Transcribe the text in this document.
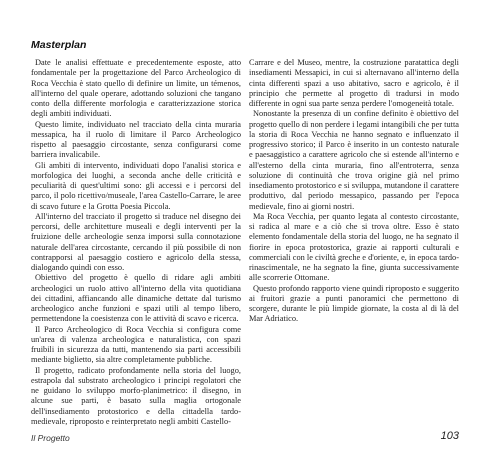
Masterplan

Date le analisi effettuate e precedentemente esposte, atto fondamentale per la progettazione del Parco Archeologico di Roca Vecchia è stato quello di definire un limite, un témenos, all'interno del quale operare, adottando soluzioni che tangano conto della differente morfologia e caratterizzazione storica degli ambiti individuati.

Questo limite, individuato nel tracciato della cinta muraria messapica, ha il ruolo di limitare il Parco Archeologico rispetto al paesaggio circostante, senza configurarsi come barriera invalicabile.

Gli ambiti di intervento, individuati dopo l'analisi storica e morfologica dei luoghi, a seconda anche delle criticità e peculiarità di quest'ultimi sono: gli accessi e i percorsi del parco, il polo ricettivo/museale, l'area Castello-Carrare, le aree di scavo future e la Grotta Poesia Piccola.

All'interno del tracciato il progetto si traduce nel disegno dei percorsi, delle architetture museali e degli interventi per la fruizione delle archeologie senza imporsi sulla connotazione naturale dell'area circostante, cercando il più possibile di non contrapporsi al paesaggio costiero e agricolo della stessa, dialogando quindi con esso.

Obiettivo del progetto è quello di ridare agli ambiti archeologici un ruolo attivo all'interno della vita quotidiana dei cittadini, affiancando alle dinamiche dettate dal turismo archeologico anche funzioni e spazi utili al tempo libero, permettendone la coesistenza con le attività di scavo e ricerca.

Il Parco Archeologico di Roca Vecchia si configura come un'area di valenza archeologica e naturalistica, con spazi fruibili in sicurezza da tutti, mantenendo sia parti accessibili mediante biglietto, sia altre completamente pubbliche.

Il progetto, radicato profondamente nella storia del luogo, estrapola dal substrato archeologico i principi regolatori che ne guidano lo sviluppo morfo-planimetrico: il disegno, in alcune sue parti, è basato sulla maglia ortogonale dell'insediamento protostorico e della cittadella tardo-medievale, riproposto e reinterpretato negli ambiti Castello-

Carrare e del Museo, mentre, la costruzione paratattica degli insediamenti Messapici, in cui si alternavano all'interno della cinta differenti spazi a uso abitativo, sacro e agricolo, è il principio che permette al progetto di tradursi in modo differente in ogni sua parte senza perdere l'omogeneità totale.

Nonostante la presenza di un confine definito è obiettivo del progetto quello di non perdere i legami intangibili che per tutta la storia di Roca Vecchia ne hanno segnato e influenzato il progressivo storico; il Parco è inserito in un contesto naturale e paesaggistico a carattere agricolo che si estende all'interno e all'esterno della cinta muraria, fino all'entroterra, senza soluzione di continuità che trova origine già nel primo insediamento protostorico e si sviluppa, mutandone il carattere produttivo, dal periodo messapico, passando per l'epoca medievale, fino ai giorni nostri.

Ma Roca Vecchia, per quanto legata al contesto circostante, si radica al mare e a ciò che si trova oltre. Esso è stato elemento fondamentale della storia del luogo, ne ha segnato il fiorire in epoca protostorica, grazie ai rapporti culturali e commerciali con le civiltà greche e d'oriente, e, in epoca tardo-rinascimentale, ne ha segnato la fine, giunta successivamente alle scorrerie Ottomane.

Questo profondo rapporto viene quindi riproposto e suggerito ai fruitori grazie a punti panoramici che permettono di scorgere, durante le più limpide giornate, la costa al di là del Mar Adriatico.

Il Progetto	103
